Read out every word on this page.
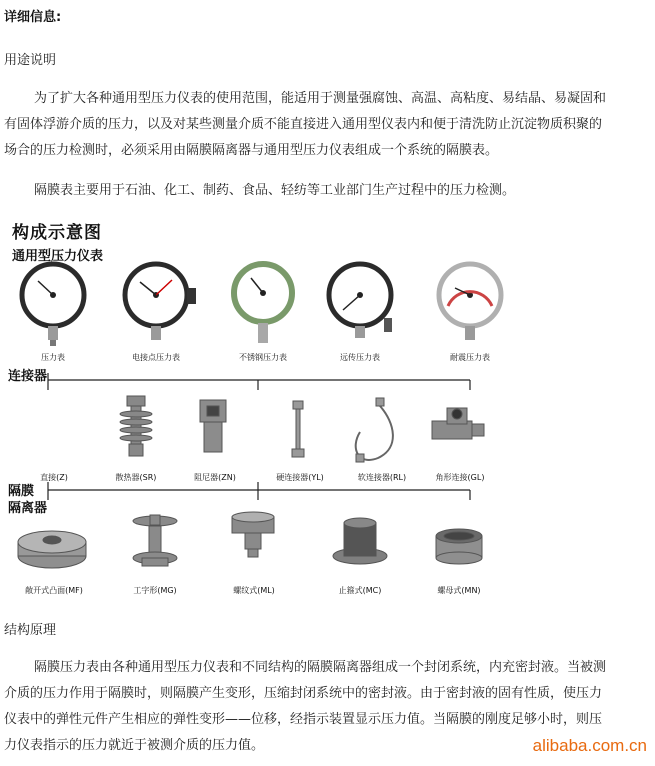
详细信息:
用途说明

为了扩大各种通用型压力仪表的使用范围，能适用于测量强腐蚀、高温、高粘度、易结晶、易凝固和

有固体浮游介质的压力，以及对某些测量介质不能直接进入通用型仪表内和便于清洗防止沉淀物质积聚的

场合的压力检测时，必须采用由隔膜隔离器与通用型压力仪表组成一个系统的隔膜表。

隔膜表主要用于石油、化工、制药、食品、轻纺等工业部门生产过程中的压力检测。
构成示意图
通用型压力仪表
压力表	电接点压力表	不锈钢压力表	远传压力表	耐震压力表
连接器
直接(Z)	散热器(SR)	阻尼器(ZN)	硬连接器(YL)	软连接器(RL)	角形连接(GL)
隔膜
隔离器
敞开式凸面(MF)	工字形(MG)	螺纹式(ML)	止箍式(MC)	螺母式(MN)
结构原理

隔膜压力表由各种通用型压力仪表和不同结构的隔膜隔离器组成一个封闭系统，内充密封液。当被测

介质的压力作用于隔膜时，则隔膜产生变形，压缩封闭系统中的密封液。由于密封液的固有性质，使压力

仪表中的弹性元件产生相应的弹性变形——位移，经指示装置显示压力值。当隔膜的刚度足够小时，则压

力仪表指示的压力就近于被测介质的压力值。	alibaba.com.cn
